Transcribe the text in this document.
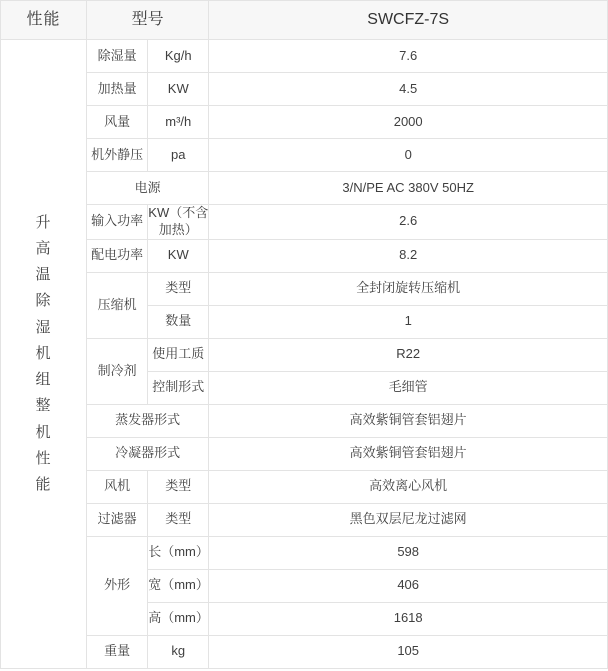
性能	型号		SWCFZ-7S

升
高
温
除
湿
机
组
整
机
性
能
	除湿量	Kg/h	7.6
	加热量	KW	4.5
	风量	m³/h	2000
	机外静压	pa	0
	电源		3/N/PE AC 380V 50HZ
	输入功率	KW（不含加热）	2.6
	配电功率	KW	8.2
	压缩机	类型	全封闭旋转压缩机
		数量	1
	制冷剂	使用工质	R22
		控制形式	毛细管
	蒸发器形式		高效紫铜管套铝翅片
	冷凝器形式		高效紫铜管套铝翅片
	风机	类型	高效离心风机
	过滤器	类型	黑色双层尼龙过滤网
	外形	长（mm）	598
		宽（mm）	406
		高（mm）	1618
	重量	kg	105
